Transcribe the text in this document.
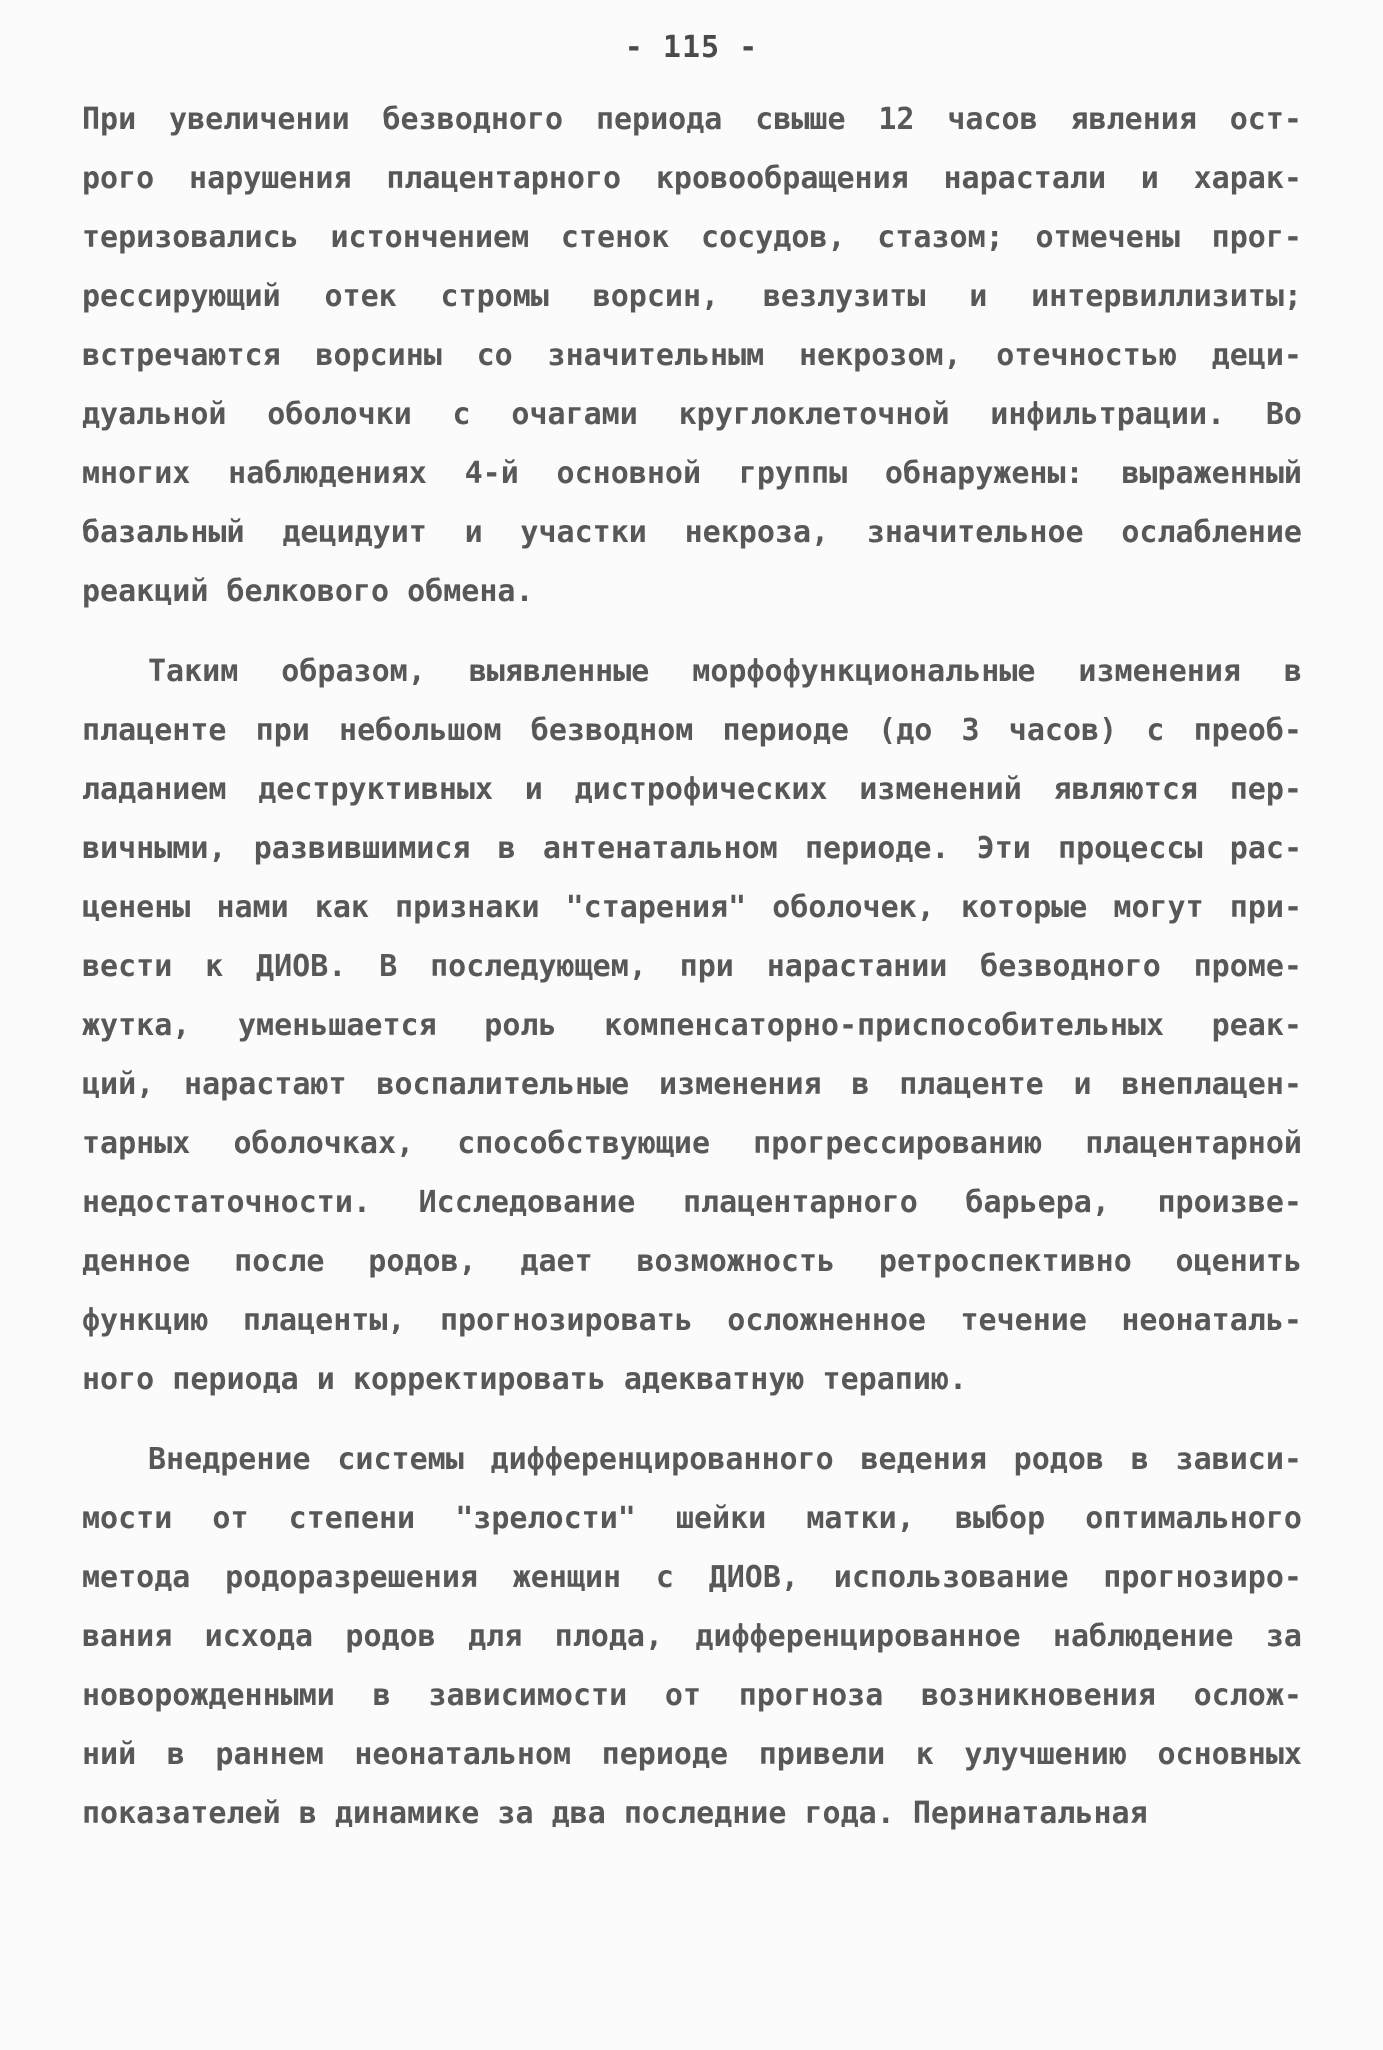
- 115 -
При увеличении безводного периода свыше 12 часов явления ост-
рого нарушения плацентарного кровообращения нарастали и харак-
теризовались истончением стенок сосудов, стазом; отмечены прог-
рессирующий отек стромы ворсин, везлузиты и интервиллизиты;
встречаются ворсины со значительным некрозом, отечностью деци-
дуальной оболочки с очагами круглоклеточной инфильтрации. Во
многих наблюдениях 4-й основной группы обнаружены: выраженный
базальный децидуит и участки некроза, значительное ослабление
реакций белкового обмена.
Таким образом, выявленные морфофункциональные изменения в
плаценте при небольшом безводном периоде (до 3 часов) с преоб-
ладанием деструктивных и дистрофических изменений являются пер-
вичными, развившимися в антенатальном периоде. Эти процессы рас-
ценены нами как признаки "старения" оболочек, которые могут при-
вести к ДИОВ. В последующем, при нарастании безводного проме-
жутка, уменьшается роль компенсаторно-приспособительных реак-
ций, нарастают воспалительные изменения в плаценте и внеплацен-
тарных оболочках, способствующие прогрессированию плацентарной
недостаточности. Исследование плацентарного барьера, произве-
денное после родов, дает возможность ретроспективно оценить
функцию плаценты, прогнозировать осложненное течение неонаталь-
ного периода и корректировать адекватную терапию.
Внедрение системы дифференцированного ведения родов в зависи-
мости от степени "зрелости" шейки матки, выбор оптимального
метода родоразрешения женщин с ДИОВ, использование прогнозиро-
вания исхода родов для плода, дифференцированное наблюдение за
новорожденными в зависимости от прогноза возникновения ослож-
ний в раннем неонатальном периоде привели к улучшению основных
показателей в динамике за два последние года. Перинатальная
